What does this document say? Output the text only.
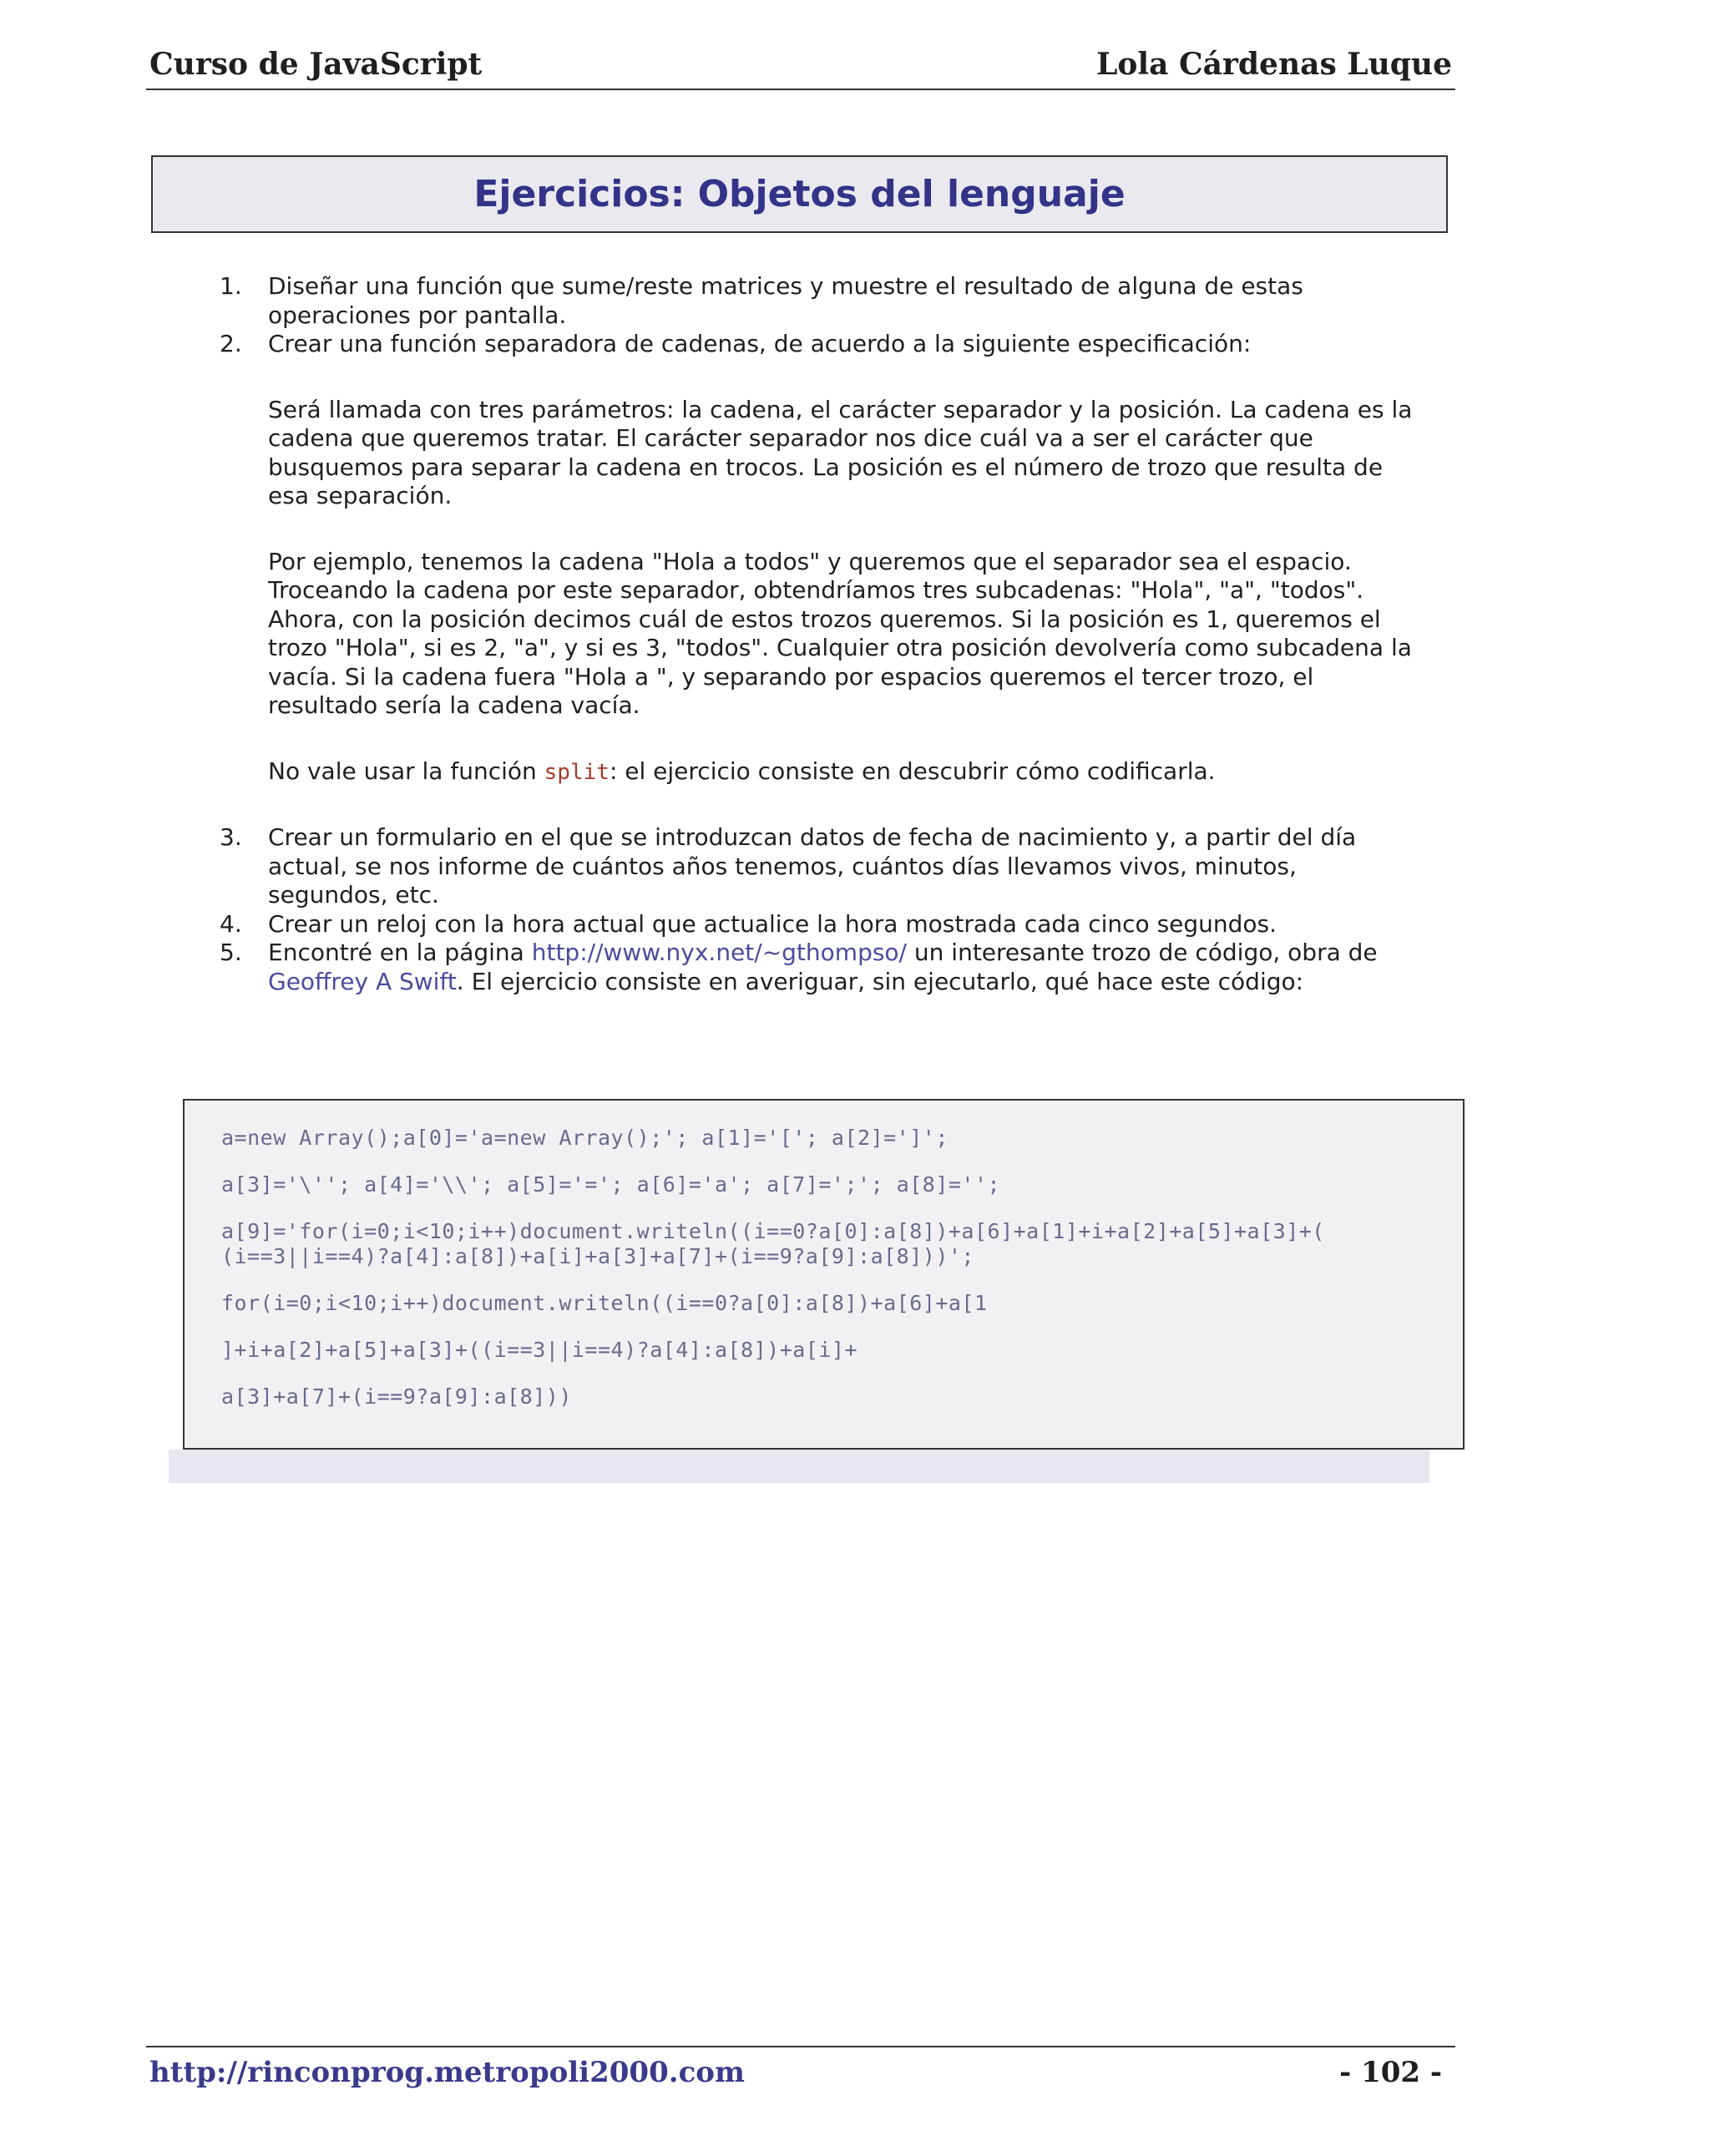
Curso de JavaScript	Lola Cárdenas Luque
Ejercicios: Objetos del lenguaje

1. Diseñar una función que sume/reste matrices y muestre el resultado de alguna de estas operaciones por pantalla.

2. Crear una función separadora de cadenas, de acuerdo a la siguiente especificación:

Será llamada con tres parámetros: la cadena, el carácter separador y la posición. La cadena es la cadena que queremos tratar. El carácter separador nos dice cuál va a ser el carácter que busquemos para separar la cadena en trocos. La posición es el número de trozo que resulta de esa separación.

Por ejemplo, tenemos la cadena "Hola a todos" y queremos que el separador sea el espacio. Troceando la cadena por este separador, obtendríamos tres subcadenas: "Hola", "a", "todos". Ahora, con la posición decimos cuál de estos trozos queremos. Si la posición es 1, queremos el trozo "Hola", si es 2, "a", y si es 3, "todos". Cualquier otra posición devolvería como subcadena la vacía. Si la cadena fuera "Hola a ", y separando por espacios queremos el tercer trozo, el resultado sería la cadena vacía.

No vale usar la función split: el ejercicio consiste en descubrir cómo codificarla.

3. Crear un formulario en el que se introduzcan datos de fecha de nacimiento y, a partir del día actual, se nos informe de cuántos años tenemos, cuántos días llevamos vivos, minutos, segundos, etc.

4. Crear un reloj con la hora actual que actualice la hora mostrada cada cinco segundos.

5. Encontré en la página http://www.nyx.net/~gthompso/ un interesante trozo de código, obra de Geoffrey A Swift. El ejercicio consiste en averiguar, sin ejecutarlo, qué hace este código:

a=new Array();a[0]='a=new Array();'; a[1]='['; a[2]=']';
a[3]='\''; a[4]='\\'; a[5]='='; a[6]='a'; a[7]=';'; a[8]='';
a[9]='for(i=0;i<10;i++)document.writeln((i==0?a[0]:a[8])+a[6]+a[1]+i+a[2]+a[5]+a[3]+(
(i==3||i==4)?a[4]:a[8])+a[i]+a[3]+a[7]+(i==9?a[9]:a[8]))';
for(i=0;i<10;i++)document.writeln((i==0?a[0]:a[8])+a[6]+a[1
]+i+a[2]+a[5]+a[3]+((i==3||i==4)?a[4]:a[8])+a[i]+
a[3]+a[7]+(i==9?a[9]:a[8]))
http://rinconprog.metropoli2000.com	- 102 -
